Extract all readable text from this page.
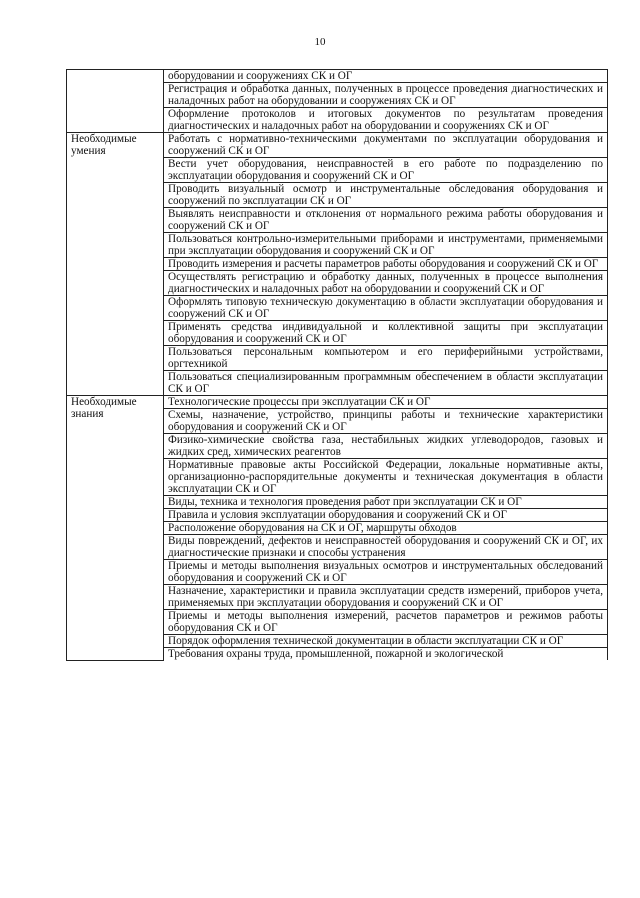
10
	оборудовании и сооружениях СК и ОГ
	Регистрация и обработка данных, полученных в процессе проведения диагностических и наладочных работ на оборудовании и сооружениях СК и ОГ
	Оформление протоколов и итоговых документов по результатам проведения диагностических и наладочных работ на оборудовании и сооружениях СК и ОГ
Необходимые умения	Работать с нормативно-техническими документами по эксплуатации оборудования и сооружений СК и ОГ
	Вести учет оборудования, неисправностей в его работе по подразделению по эксплуатации оборудования и сооружений СК и ОГ
	Проводить визуальный осмотр и инструментальные обследования оборудования и сооружений по эксплуатации СК и ОГ
	Выявлять неисправности и отклонения от нормального режима работы оборудования и сооружений СК и ОГ
	Пользоваться контрольно-измерительными приборами и инструментами, применяемыми при эксплуатации оборудования и сооружений СК и ОГ
	Проводить измерения и расчеты параметров работы оборудования и сооружений СК и ОГ
	Осуществлять регистрацию и обработку данных, полученных в процессе выполнения диагностических и наладочных работ на оборудовании и сооружений СК и ОГ
	Оформлять типовую техническую документацию в области эксплуатации оборудования и сооружений СК и ОГ
	Применять средства индивидуальной и коллективной защиты при эксплуатации оборудования и сооружений СК и ОГ
	Пользоваться персональным компьютером и его периферийными устройствами, оргтехникой
	Пользоваться специализированным программным обеспечением в области эксплуатации СК и ОГ
Необходимые знания	Технологические процессы при эксплуатации СК и ОГ
	Схемы, назначение, устройство, принципы работы и технические характеристики оборудования и сооружений СК и ОГ
	Физико-химические свойства газа, нестабильных жидких углеводородов, газовых и жидких сред, химических реагентов
	Нормативные правовые акты Российской Федерации, локальные нормативные акты, организационно-распорядительные документы и техническая документация в области эксплуатации СК и ОГ
	Виды, техника и технология проведения работ при эксплуатации СК и ОГ
	Правила и условия эксплуатации оборудования и сооружений СК и ОГ
	Расположение оборудования на СК и ОГ, маршруты обходов
	Виды повреждений, дефектов и неисправностей оборудования и сооружений СК и ОГ, их диагностические признаки и способы устранения
	Приемы и методы выполнения визуальных осмотров и инструментальных обследований оборудования и сооружений СК и ОГ
	Назначение, характеристики и правила эксплуатации средств измерений, приборов учета, применяемых при эксплуатации оборудования и сооружений СК и ОГ
	Приемы и методы выполнения измерений, расчетов параметров и режимов работы оборудования СК и ОГ
	Порядок оформления технической документации в области эксплуатации СК и ОГ
	Требования охраны труда, промышленной, пожарной и экологической
